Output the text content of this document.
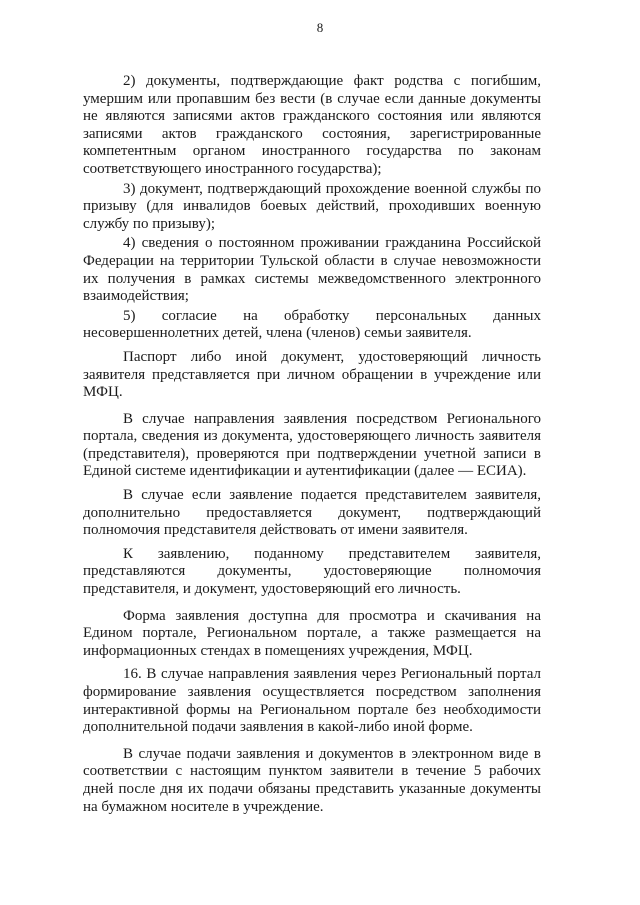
8

2) документы, подтверждающие факт родства с погибшим, умершим или пропавшим без вести (в случае если данные документы не являются записями актов гражданского состояния или являются записями актов гражданского состояния, зарегистрированные компетентным органом иностранного государства по законам соответствующего иностранного государства);

3) документ, подтверждающий прохождение военной службы по призыву (для инвалидов боевых действий, проходивших военную службу по призыву);

4) сведения о постоянном проживании гражданина Российской Федерации на территории Тульской области в случае невозможности их получения в рамках системы межведомственного электронного взаимодействия;

5) согласие на обработку персональных данных несовершеннолетних детей, члена (членов) семьи заявителя.

Паспорт либо иной документ, удостоверяющий личность заявителя представляется при личном обращении в учреждение или МФЦ.

В случае направления заявления посредством Регионального портала, сведения из документа, удостоверяющего личность заявителя (представителя), проверяются при подтверждении учетной записи в Единой системе идентификации и аутентификации (далее — ЕСИА).

В случае если заявление подается представителем заявителя, дополнительно предоставляется документ, подтверждающий полномочия представителя действовать от имени заявителя.

К заявлению, поданному представителем заявителя, представляются документы, удостоверяющие полномочия представителя, и документ, удостоверяющий его личность.

Форма заявления доступна для просмотра и скачивания на Едином портале, Региональном портале, а также размещается на информационных стендах в помещениях учреждения, МФЦ.

16. В случае направления заявления через Региональный портал формирование заявления осуществляется посредством заполнения интерактивной формы на Региональном портале без необходимости дополнительной подачи заявления в какой-либо иной форме.

В случае подачи заявления и документов в электронном виде в соответствии с настоящим пунктом заявители в течение 5 рабочих дней после дня их подачи обязаны представить указанные документы на бумажном носителе в учреждение.
